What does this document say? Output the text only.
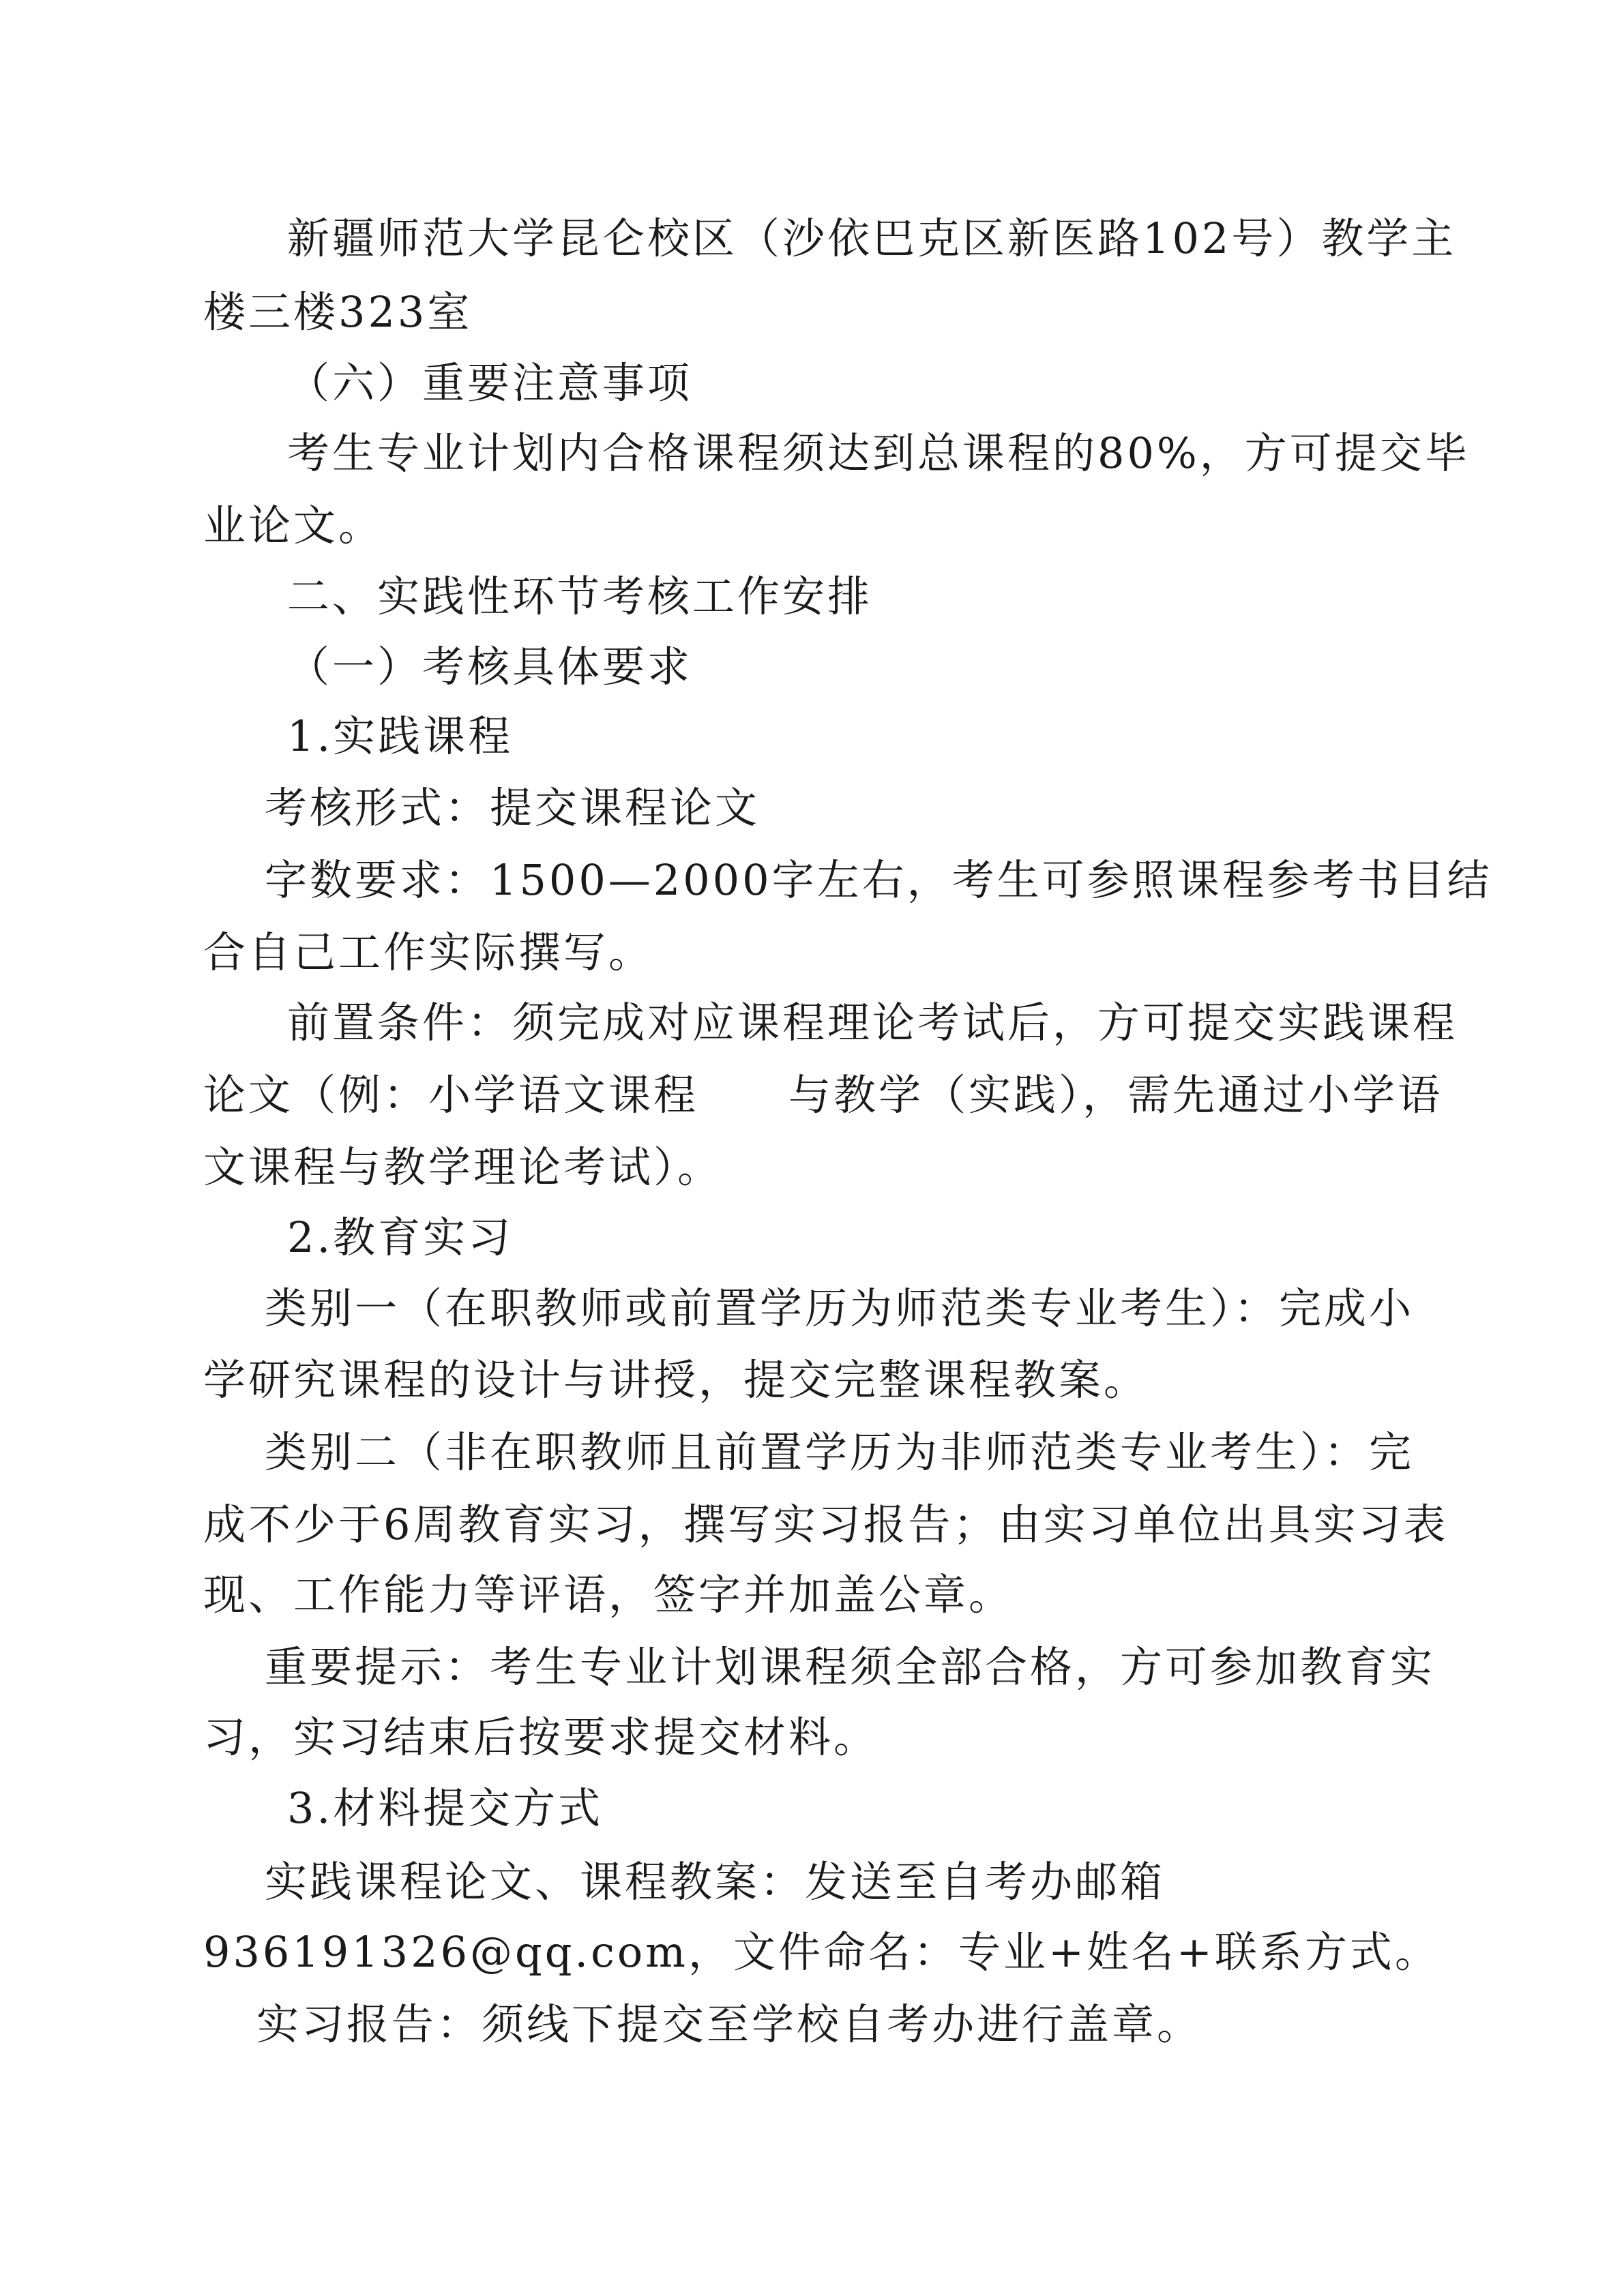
新疆师范大学昆仑校区（沙依巴克区新医路102号）教学主
楼三楼323室
（六）重要注意事项
考生专业计划内合格课程须达到总课程的80%，方可提交毕
业论文。
二、实践性环节考核工作安排
（一）考核具体要求
1.实践课程
考核形式：提交课程论文
字数要求：1500—2000字左右，考生可参照课程参考书目结
合自己工作实际撰写。
前置条件：须完成对应课程理论考试后，方可提交实践课程
论文（例：小学语文课程　　与教学（实践），需先通过小学语
文课程与教学理论考试）。
2.教育实习
类别一（在职教师或前置学历为师范类专业考生）：完成小
学研究课程的设计与讲授，提交完整课程教案。
类别二（非在职教师且前置学历为非师范类专业考生）：完
成不少于6周教育实习，撰写实习报告；由实习单位出具实习表
现、工作能力等评语，签字并加盖公章。
重要提示：考生专业计划课程须全部合格，方可参加教育实
习，实习结束后按要求提交材料。
3.材料提交方式
实践课程论文、课程教案：发送至自考办邮箱
936191326@qq.com，文件命名：专业+姓名+联系方式。
实习报告：须线下提交至学校自考办进行盖章。
